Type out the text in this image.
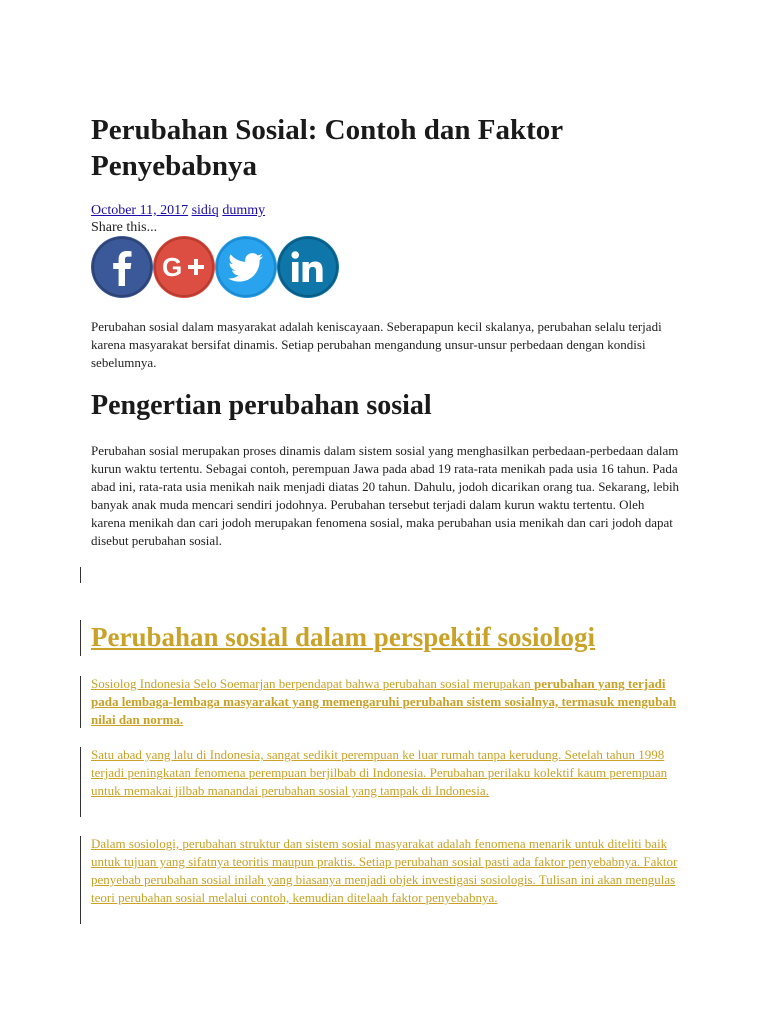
Perubahan Sosial: Contoh dan Faktor Penyebabnya
October 11, 2017 sidiq dummy
Share this...
G

Perubahan sosial dalam masyarakat adalah keniscayaan. Seberapapun kecil skalanya, perubahan selalu terjadi karena masyarakat bersifat dinamis. Setiap perubahan mengandung unsur-unsur perbedaan dengan kondisi sebelumnya.

Pengertian perubahan sosial

Perubahan sosial merupakan proses dinamis dalam sistem sosial yang menghasilkan perbedaan-perbedaan dalam kurun waktu tertentu. Sebagai contoh, perempuan Jawa pada abad 19 rata-rata menikah pada usia 16 tahun. Pada abad ini, rata-rata usia menikah naik menjadi diatas 20 tahun. Dahulu, jodoh dicarikan orang tua. Sekarang, lebih banyak anak muda mencari sendiri jodohnya. Perubahan tersebut terjadi dalam kurun waktu tertentu. Oleh karena menikah dan cari jodoh merupakan fenomena sosial, maka perubahan usia menikah dan cari jodoh dapat disebut perubahan sosial.

Perubahan sosial dalam perspektif sosiologi

Sosiolog Indonesia Selo Soemarjan berpendapat bahwa perubahan sosial merupakan perubahan yang terjadi pada lembaga-lembaga masyarakat yang memengaruhi perubahan sistem sosialnya, termasuk mengubah nilai dan norma.

Satu abad yang lalu di Indonesia, sangat sedikit perempuan ke luar rumah tanpa kerudung. Setelah tahun 1998 terjadi peningkatan fenomena perempuan berjilbab di Indonesia. Perubahan perilaku kolektif kaum perempuan untuk memakai jilbab manandai perubahan sosial yang tampak di Indonesia.

Dalam sosiologi, perubahan struktur dan sistem sosial masyarakat adalah fenomena menarik untuk diteliti baik untuk tujuan yang sifatnya teoritis maupun praktis. Setiap perubahan sosial pasti ada faktor penyebabnya. Faktor penyebab perubahan sosial inilah yang biasanya menjadi objek investigasi sosiologis. Tulisan ini akan mengulas teori perubahan sosial melalui contoh, kemudian ditelaah faktor penyebabnya.
